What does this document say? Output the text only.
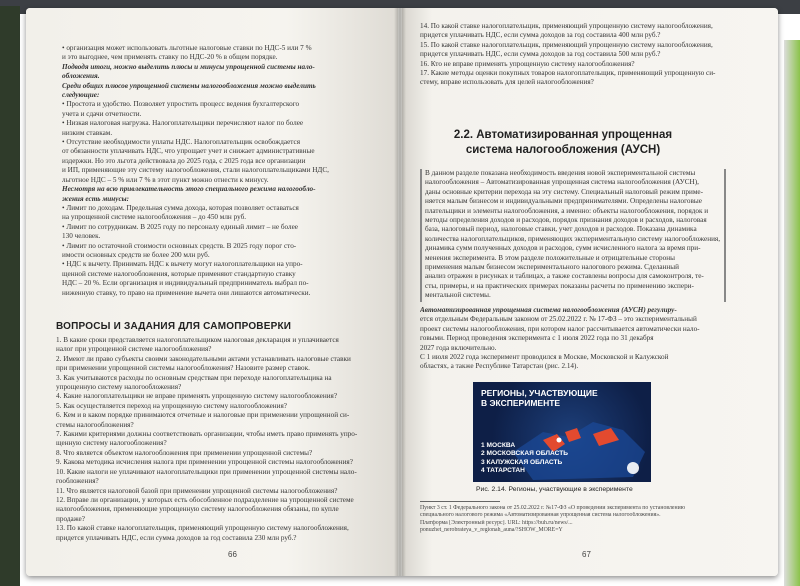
• организация может использовать льготные налоговые ставки по НДС-5 или 7 %
и это выгоднее, чем применять ставку по НДС-20 % в общем порядке.
Подводя итоги, можно выделить плюсы и минусы упрощенной системы нало-
обложения.
Среди общих плюсов упрощенной системы налогообложения можно выделить
следующие:
• Простота и удобство. Позволяет упростить процесс ведения бухгалтерского
учета и сдачи отчетности.
• Низкая налоговая нагрузка. Налогоплательщики перечисляют налог по более
низким ставкам.
• Отсутствие необходимости уплаты НДС. Налогоплательщик освобождается
от обязанности уплачивать НДС, что упрощает учет и снижает административные
издержки. Но это льгота действовала до 2025 года, с 2025 года все организации
и ИП, применяющие эту систему налогообложения, стали налогоплательщиками НДС,
льготное НДС – 5 % или 7 % в этот пункт можно отнести к минусу.
Несмотря на всю привлекательность этого специального режима налогообло-
жения есть минусы:
• Лимит по доходам. Предельная сумма дохода, которая позволяет оставаться
на упрощенной системе налогообложения – до 450 млн руб.
• Лимит по сотрудникам. В 2025 году по персоналу единый лимит – не более
130 человек.
• Лимит по остаточной стоимости основных средств. В 2025 году порог сто-
имости основных средств не более 200 млн руб.
• НДС к вычету. Принимать НДС к вычету могут налогоплательщики на упро-
щенной системе налогообложения, которые применяют стандартную ставку
НДС – 20 %. Если организация и индивидуальный предприниматель выбрал по-
ниженную ставку, то право на применение вычета они лишаются автоматически.
ВОПРОСЫ И ЗАДАНИЯ ДЛЯ САМОПРОВЕРКИ
1. В какие сроки представляется налогоплательщиком налоговая декларация и уплачивается
налог при упрощенной системе налогообложения?
2. Имеют ли право субъекты своими законодательными актами устанавливать налоговые ставки
при применении упрощенной системы налогообложения? Назовите размер ставок.
3. Как учитываются расходы по основным средствам при переходе налогоплательщика на
упрощенную систему налогообложения?
4. Какие налогоплательщики не вправе применять упрощенную систему налогообложения?
5. Как осуществляется переход на упрощенную систему налогообложения?
6. Кем и в каком порядке принимаются отчетные и налоговые при применении упрощенной си-
стемы налогообложения?
7. Какими критериями должны соответствовать организации, чтобы иметь право применять упро-
щенную систему налогообложения?
8. Что является объектом налогообложения при применении упрощенной системы?
9. Какова методика исчисления налога при применении упрощенной системы налогообложения?
10. Какие налоги не уплачивают налогоплательщики при применении упрощенной системы нало-
гообложения?
11. Что является налоговой базой при применении упрощенной системы налогообложения?
12. Вправе ли организации, у которых есть обособленное подразделение на упрощенной системе
налогообложения, применяющие упрощенную систему налогообложения обязаны, по купле
продаже?
13. По какой ставке налогоплательщик, применяющий упрощенную систему налогообложения,
придется уплачивать НДС, если сумма доходов за год составила 230 млн руб.?
66
14. По какой ставке налогоплательщик, применяющий упрощенную систему налогообложения,
придется уплачивать НДС, если сумма доходов за год составила 400 млн руб.?
15. По какой ставке налогоплательщик, применяющий упрощенную систему налогообложения,
придется уплачивать НДС, если сумма доходов за год составила 500 млн руб.?
16. Кто не вправе применять упрощенную систему налогообложения?
17. Какие методы оценки покупных товаров налогоплательщик, применяющий упрощенную си-
стему, вправе использовать для целей налогообложения?
2.2. Автоматизированная упрощенная система налогообложения (АУСН)
В данном разделе показана необходимость введения новой экспериментальной системы
налогообложения – Автоматизированная упрощенная система налогообложения (АУСН),
даны основные критерии перехода на эту систему. Специальный налоговый режим приме-
няется малым бизнесом и индивидуальными предпринимателями. Определены налоговые
плательщики и элементы налогообложения, а именно: объекты налогообложения, порядок и
методы определения доходов и расходов, порядок признания доходов и расходов, налоговая
база, налоговый период, налоговые ставки, учет доходов и расходов. Показана динамика
количества налогоплательщиков, применяющих экспериментальную систему налогообложения,
динамика сумм полученных доходов и расходов, сумм исчисленного налога за время при-
менения эксперимента. В этом разделе положительные и отрицательные стороны
применения малым бизнесом экспериментального налогового режима. Сделанный
анализ отражен в рисунках и таблицах, а также составлены вопросы для самоконтроля, те-
сты, примеры, и на практических примерах показаны расчеты по применению экспери-
ментальной системы.
Автоматизированная упрощенная система налогообложения (АУСН) регулиру-
ется отдельным Федеральным законом от 25.02.2022 г. № 17-ФЗ – это экспериментальный
проект системы налогообложения, при котором налог рассчитывается автоматически нало-
говыми. Период проведения эксперимента с 1 июля 2022 года по 31 декабря
2027 года включительно.
С 1 июля 2022 года эксперимент проводился в Москве, Московской и Калужской
областях, а также Республике Татарстан (рис. 2.14).
РЕГИОНЫ, УЧАСТВУЮЩИЕ
В ЭКСПЕРИМЕНТЕ
1 МОСКВА
2 МОСКОВСКАЯ ОБЛАСТЬ
3 КАЛУЖСКАЯ ОБЛАСТЬ
4 ТАТАРСТАН
Рис. 2.14. Регионы, участвующие в эксперименте
Пункт 3 ст. 1 Федерального закона от 25.02.2022 г. №17-ФЗ «О проведении эксперимента по установлению
специального налогового режима «Автоматизированная упрощенная система налогообложения».
Платформа [Электронный ресурс]. URL: https://buh.ru/news/...
ponuzhet_nerobrateya_v_regionah_auna/?SHOW_MORE=Y
67
